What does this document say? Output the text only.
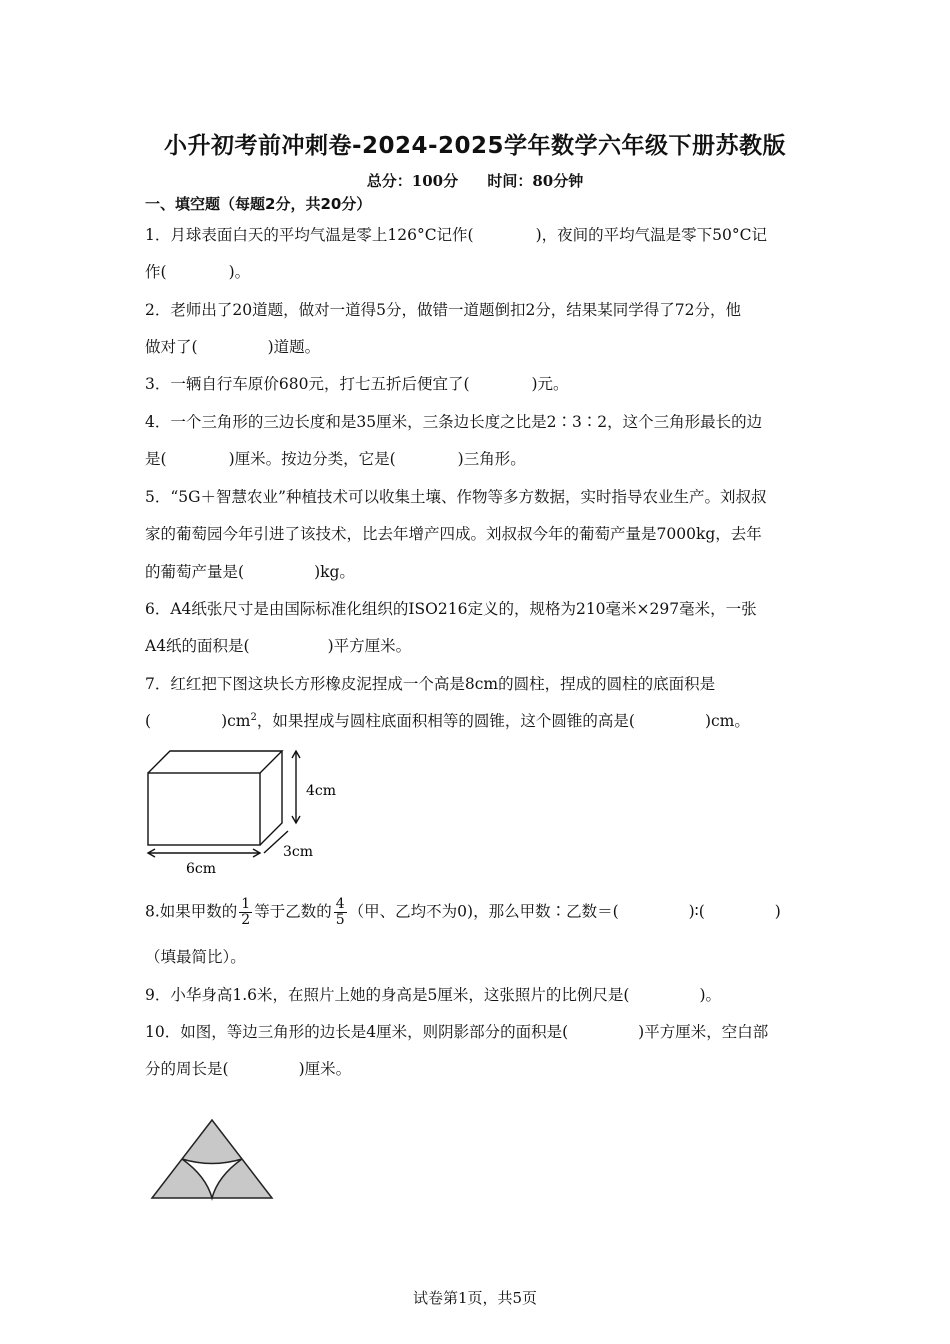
小升初考前冲刺卷-2024-2025学年数学六年级下册苏教版
总分：100分 时间：80分钟
一、填空题（每题2分，共20分）
1．月球表面白天的平均气温是零上126°C记作(	)，夜间的平均气温是零下50°C记
作(	)。
2．老师出了20道题，做对一道得5分，做错一道题倒扣2分，结果某同学得了72分，他
做对了(	)道题。
3．一辆自行车原价680元，打七五折后便宜了(	)元。
4．一个三角形的三边长度和是35厘米，三条边长度之比是2∶3∶2，这个三角形最长的边
是(	)厘米。按边分类，它是(	)三角形。
5．“5G＋智慧农业”种植技术可以收集土壤、作物等多方数据，实时指导农业生产。刘叔叔
家的葡萄园今年引进了该技术，比去年增产四成。刘叔叔今年的葡萄产量是7000kg，去年
的葡萄产量是(	)kg。
6．A4纸张尺寸是由国际标准化组织的ISO216定义的，规格为210毫米×297毫米，一张
A4纸的面积是(	)平方厘米。
7．红红把下图这块长方形橡皮泥捏成一个高是8cm的圆柱，捏成的圆柱的底面积是
(	)$cm^2$，如果捏成与圆柱底面积相等的圆锥，这个圆锥的高是(	)cm。
4cm
3cm
6cm
8.如果甲数的 $\frac{1}{2}$ 等于乙数的 $\frac{4}{5}$ （甲、乙均不为0)，那么甲数∶乙数＝(	)∶(	)
（填最简比）。
9．小华身高1.6米，在照片上她的身高是5厘米，这张照片的比例尺是(	)。
10．如图，等边三角形的边长是4厘米，则阴影部分的面积是(	)平方厘米，空白部
分的周长是(	)厘米。
试卷第1页，共5页
